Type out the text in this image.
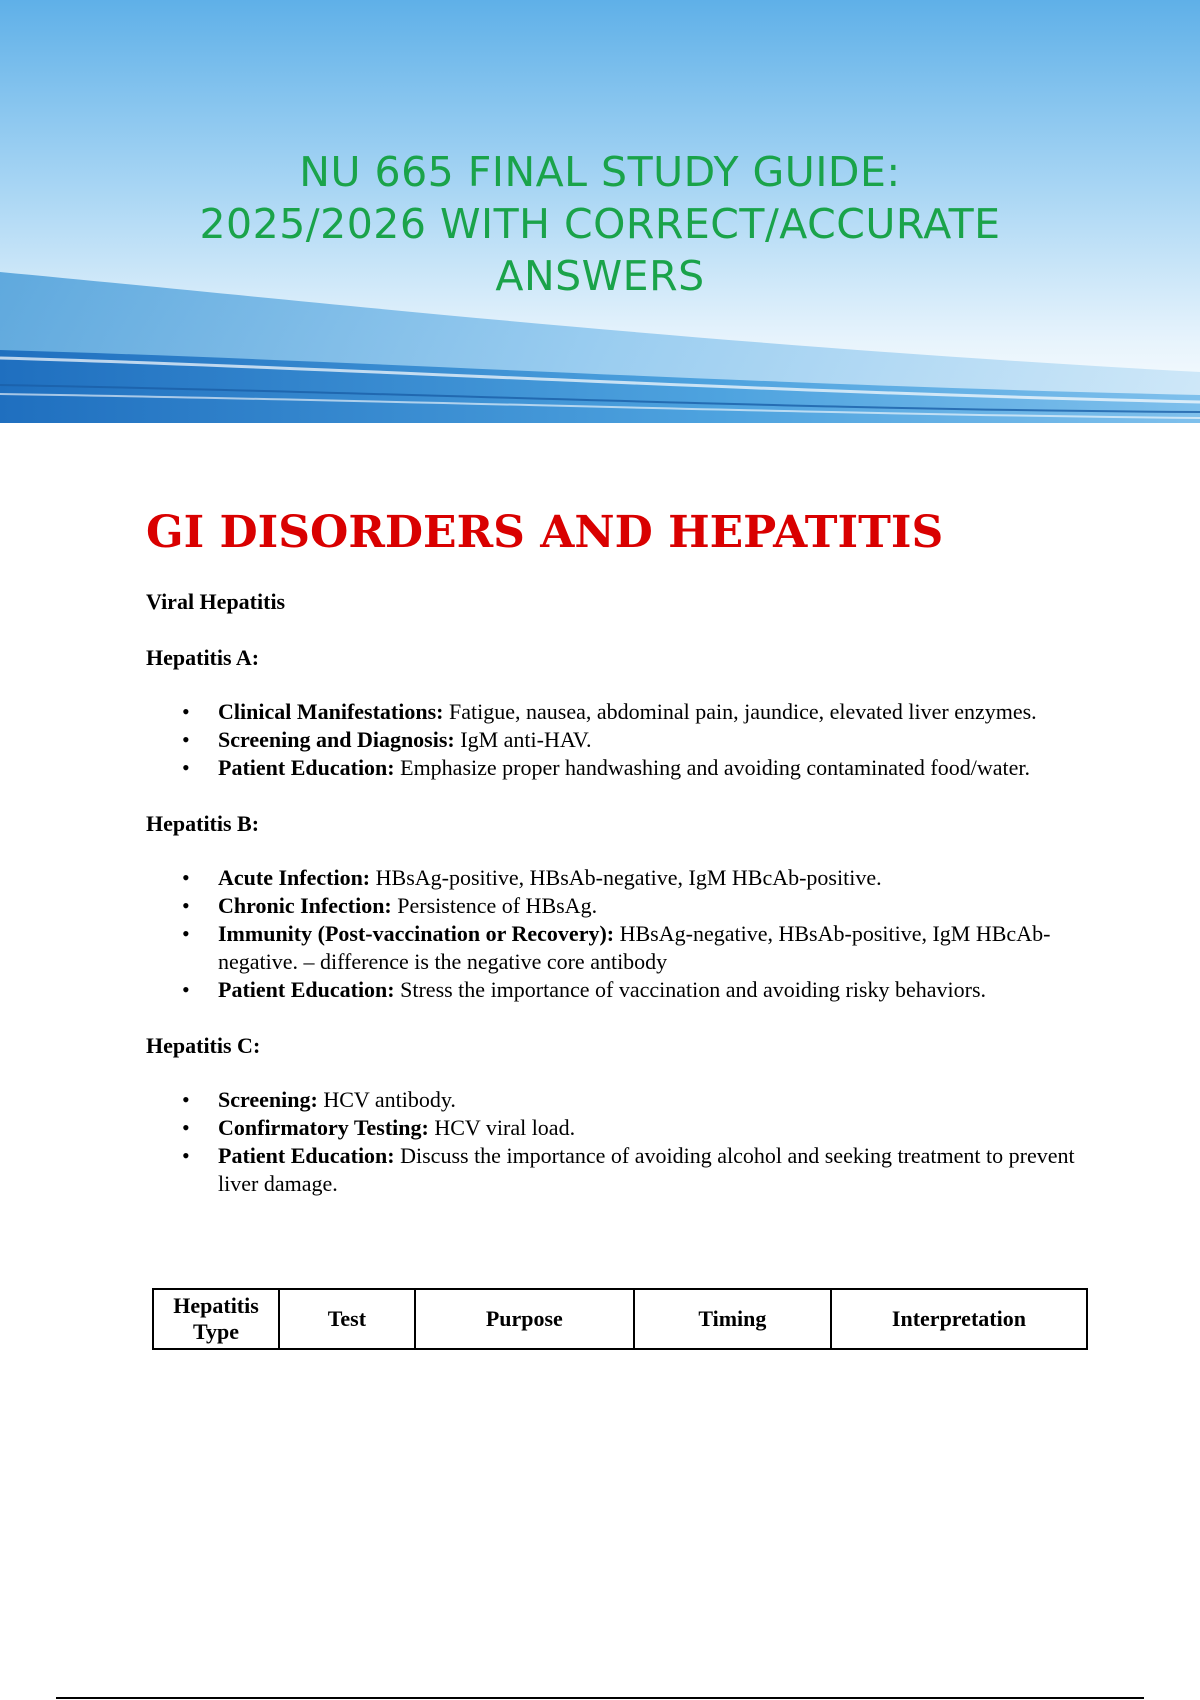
NU 665 FINAL STUDY GUIDE:
2025/2026 WITH CORRECT/ACCURATE
ANSWERS
GI DISORDERS AND HEPATITIS

Viral Hepatitis

Hepatitis A:

• Clinical Manifestations: Fatigue, nausea, abdominal pain, jaundice, elevated liver enzymes.
• Screening and Diagnosis: IgM anti-HAV.
• Patient Education: Emphasize proper handwashing and avoiding contaminated food/water.

Hepatitis B:

• Acute Infection: HBsAg-positive, HBsAb-negative, IgM HBcAb-positive.
• Chronic Infection: Persistence of HBsAg.
• Immunity (Post-vaccination or Recovery): HBsAg-negative, HBsAb-positive, IgM HBcAb-negative. – difference is the negative core antibody
• Patient Education: Stress the importance of vaccination and avoiding risky behaviors.

Hepatitis C:

• Screening: HCV antibody.
• Confirmatory Testing: HCV viral load.
• Patient Education: Discuss the importance of avoiding alcohol and seeking treatment to prevent liver damage.
Hepatitis Type	Test	Purpose	Timing	Interpretation
